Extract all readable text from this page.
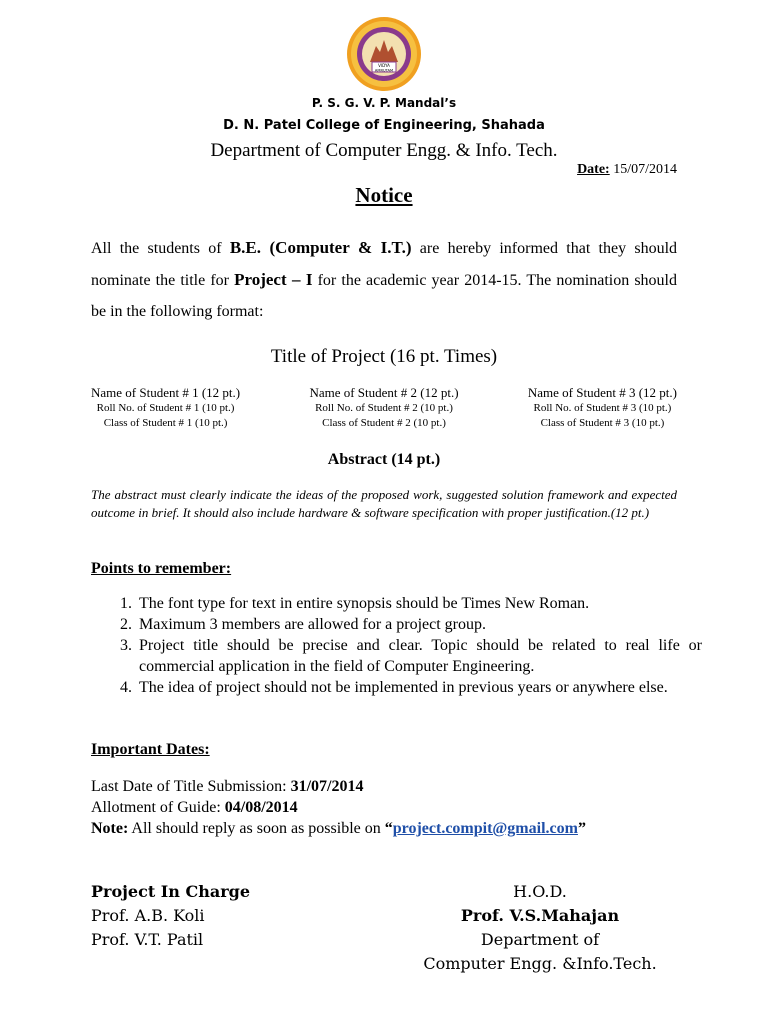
VIDYA
AMRUTAM
P. S. G. V. P. Mandal’s
D. N. Patel College of Engineering, Shahada
Department of Computer Engg. & Info. Tech.
Date: 15/07/2014
Notice
All the students of B.E. (Computer & I.T.) are hereby informed that they should nominate the title for Project – I for the academic year 2014-15. The nomination should be in the following format:
Title of Project (16 pt. Times)
Name of Student # 1 (12 pt.)
Roll No. of Student # 1 (10 pt.)
Class of Student # 1 (10 pt.)
Name of Student # 2 (12 pt.)
Roll No. of Student # 2 (10 pt.)
Class of Student # 2 (10 pt.)
Name of Student # 3 (12 pt.)
Roll No. of Student # 3 (10 pt.)
Class of Student # 3 (10 pt.)
Abstract (14 pt.)
The abstract must clearly indicate the ideas of the proposed work, suggested solution framework and expected outcome in brief. It should also include hardware & software specification with proper justification.(12 pt.)
Points to remember:
1. The font type for text in entire synopsis should be Times New Roman.
2. Maximum 3 members are allowed for a project group.
3. Project title should be precise and clear. Topic should be related to real life or commercial application in the field of Computer Engineering.
4. The idea of project should not be implemented in previous years or anywhere else.
Important Dates:
Last Date of Title Submission: 31/07/2014
Allotment of Guide: 04/08/2014
Note: All should reply as soon as possible on “project.compit@gmail.com”
Project In Charge
Prof. A.B. Koli
Prof. V.T. Patil
H.O.D.
Prof. V.S.Mahajan
Department of
Computer Engg. &Info.Tech.
